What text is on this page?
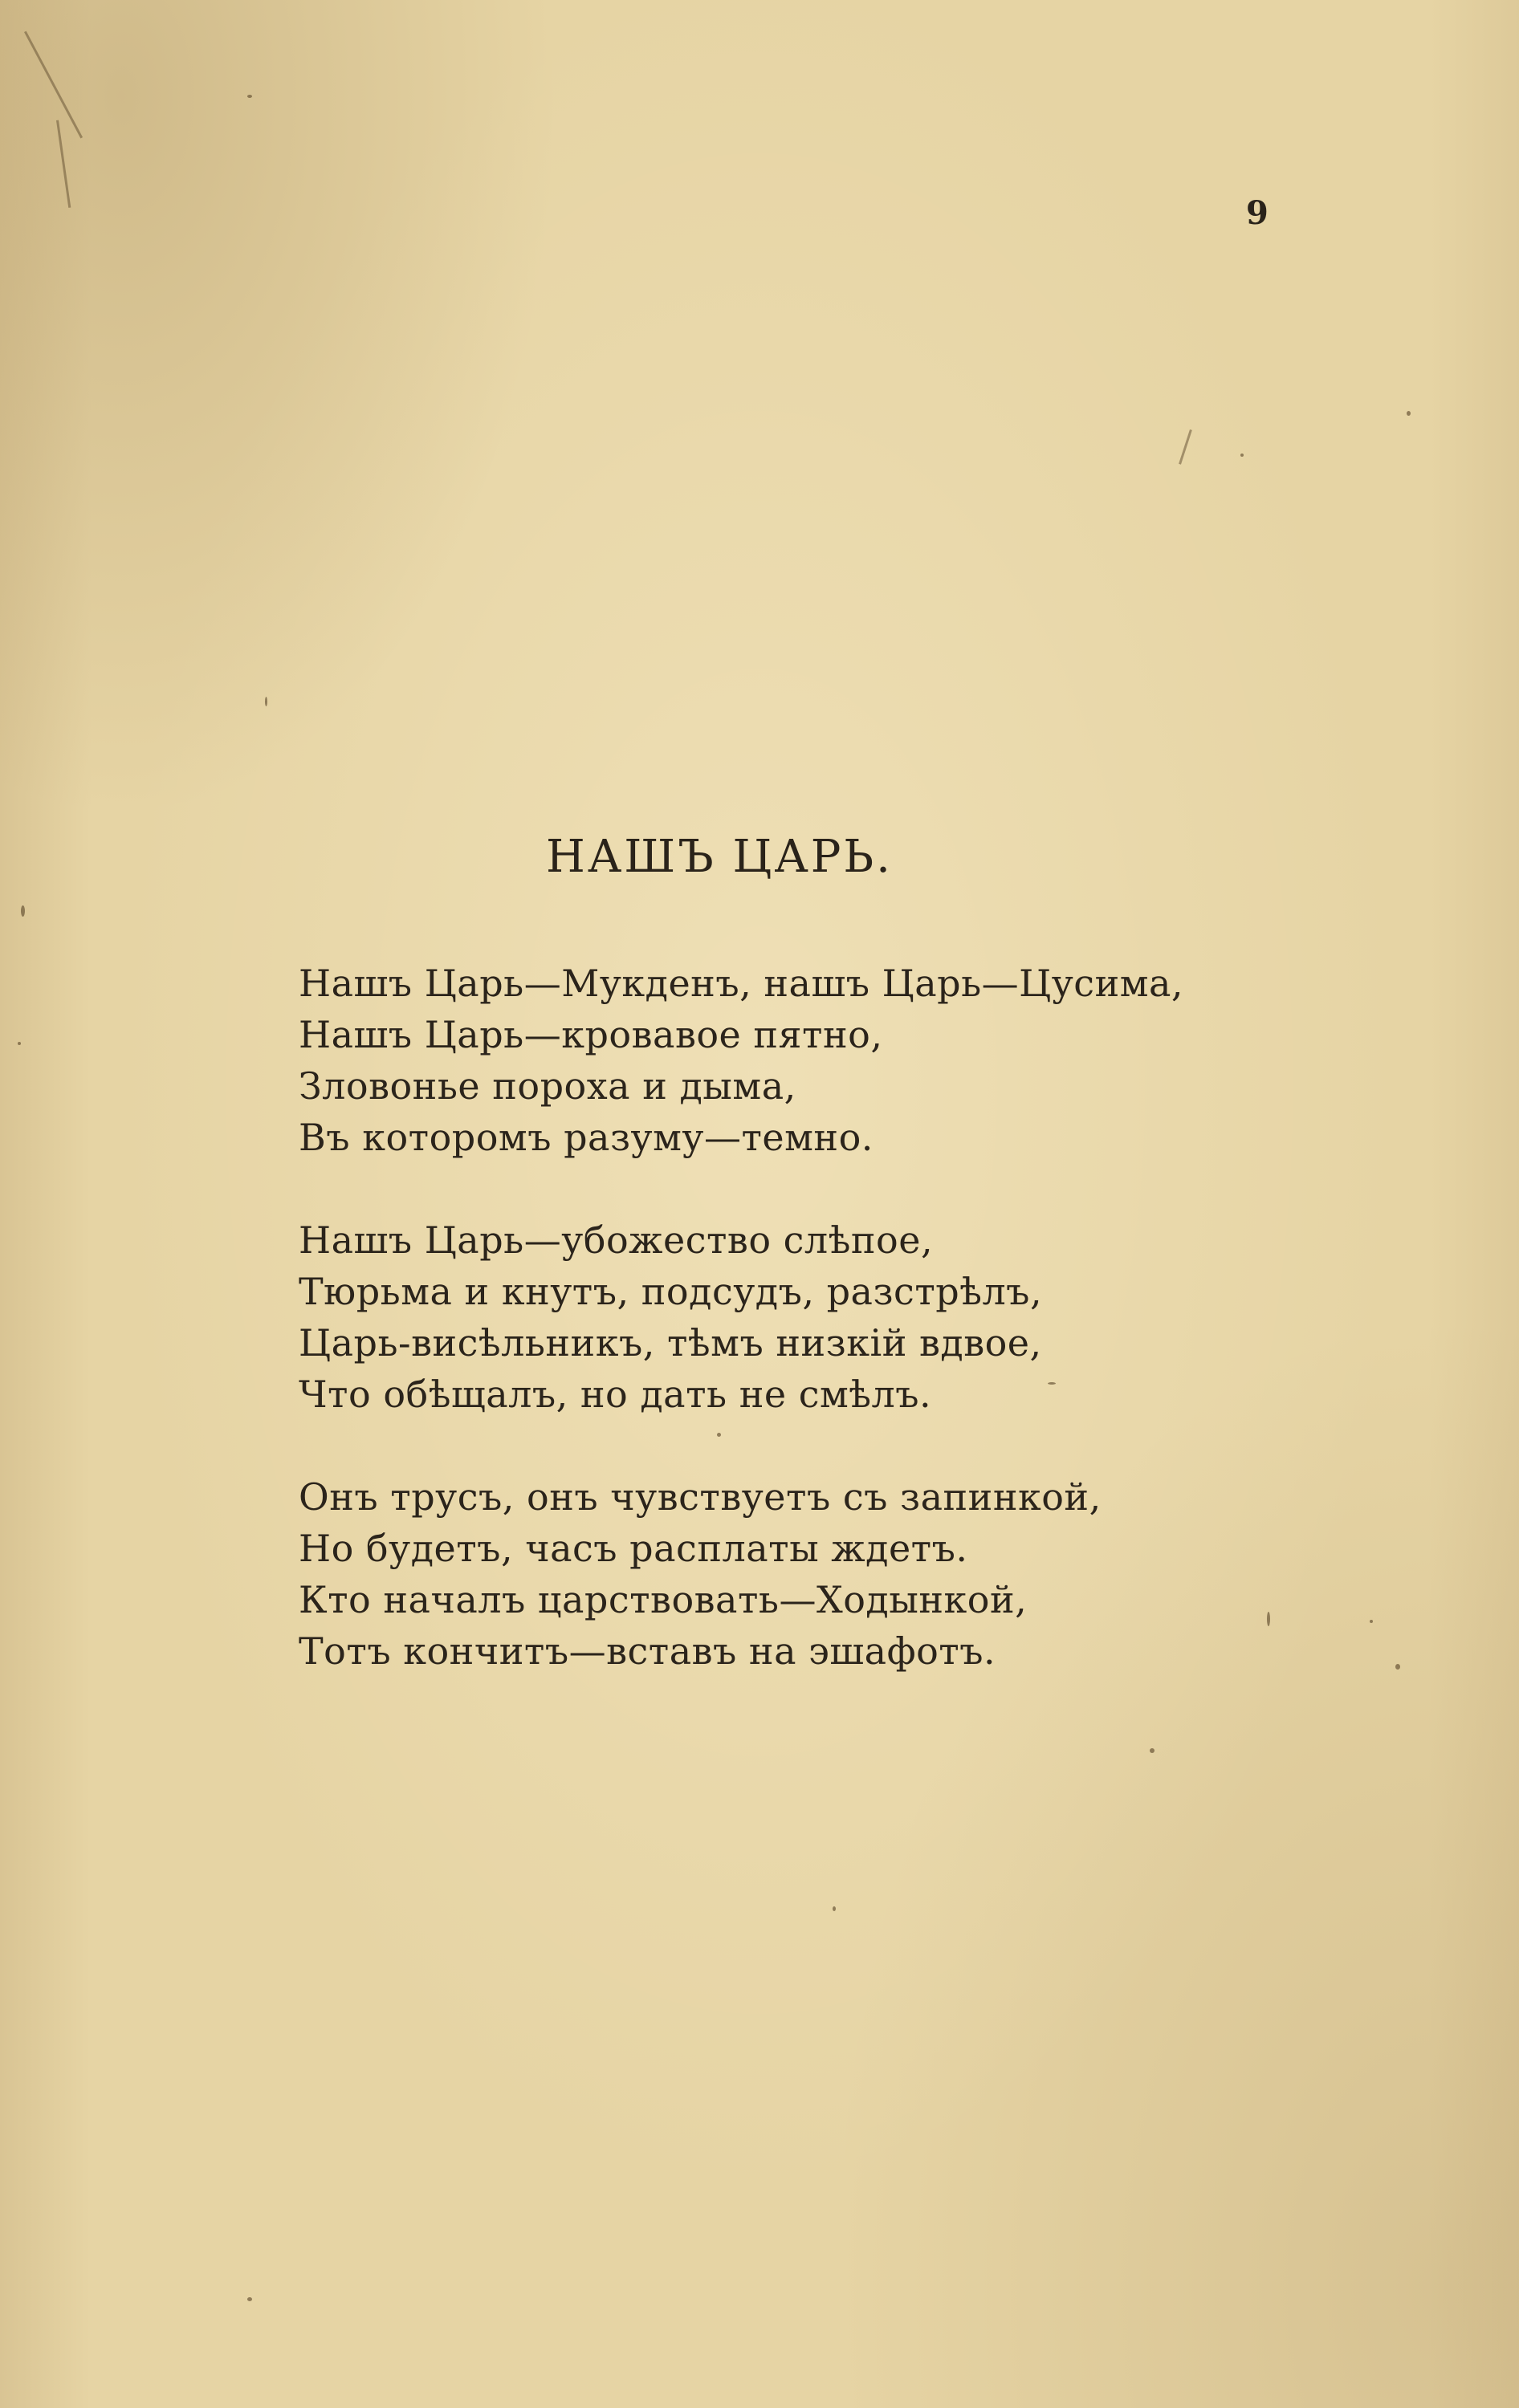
9
НАШЪ ЦАРЬ.
Нашъ Царь—Мукденъ, нашъ Царь—Цусима,
Нашъ Царь—кровавое пятно,
Зловонье пороха и дыма,
Въ которомъ разуму—темно.
Нашъ Царь—убожество слѣпое,
Тюрьма и кнутъ, подсудъ, разстрѣлъ,
Царь-висѣльникъ, тѣмъ низкій вдвое,
Что обѣщалъ, но дать не смѣлъ.
Онъ трусъ, онъ чувствуетъ съ запинкой,
Но будетъ, часъ расплаты ждетъ.
Кто началъ царствовать—Ходынкой,
Тотъ кончитъ—вставъ на эшафотъ.
